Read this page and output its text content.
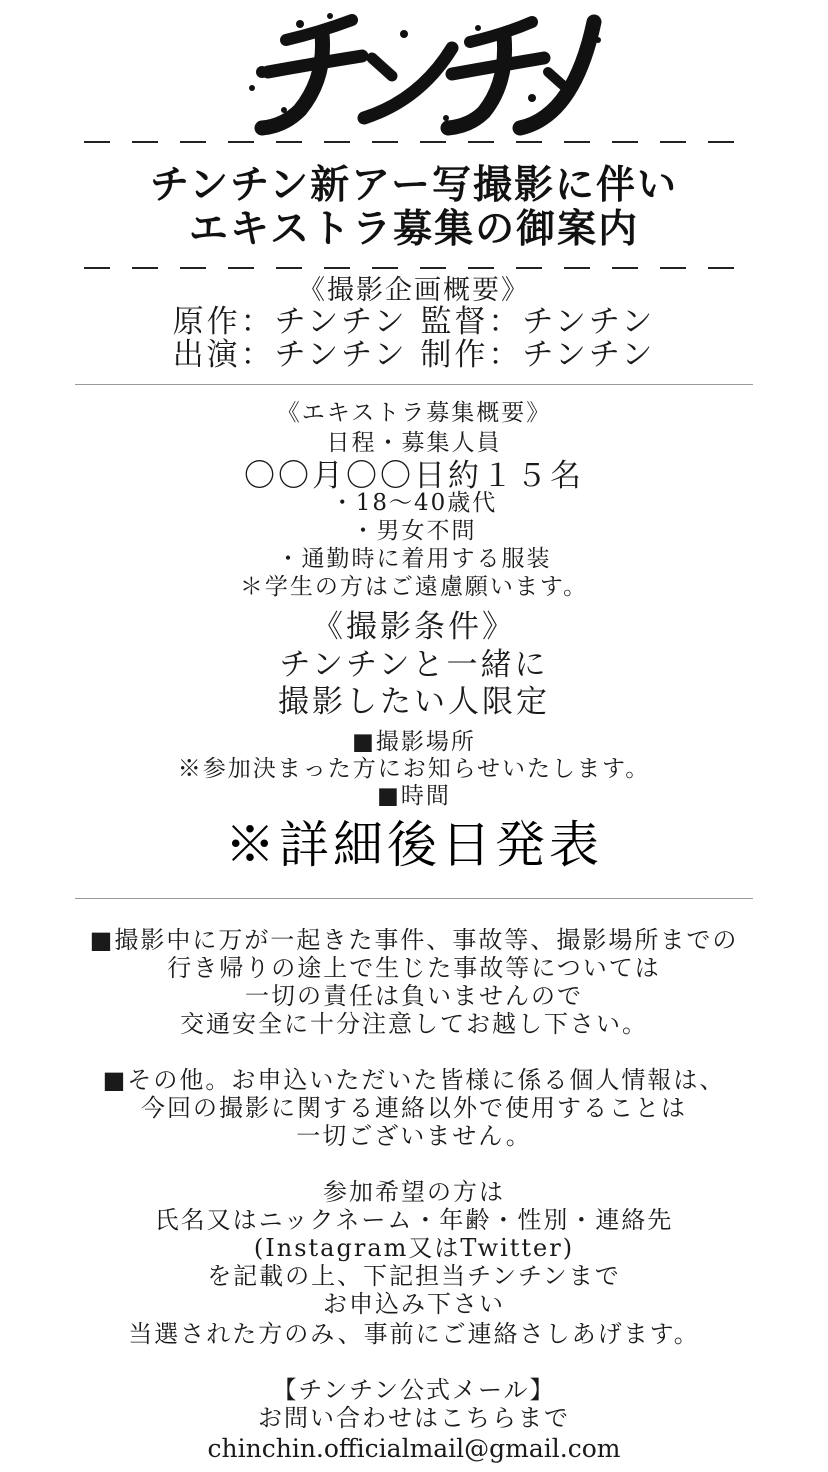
チンチン新アー写撮影に伴い
エキストラ募集の御案内
《撮影企画概要》
原作：チンチン 監督：チンチン
出演：チンチン 制作：チンチン
《エキストラ募集概要》
日程・募集人員
〇〇月〇〇日約１５名
・18〜40歳代
・男女不問
・通勤時に着用する服装
＊学生の方はご遠慮願います。
《撮影条件》
チンチンと一緒に
撮影したい人限定
■撮影場所
※参加決まった方にお知らせいたします。
■時間
※詳細後日発表
■撮影中に万が一起きた事件、事故等、撮影場所までの
行き帰りの途上で生じた事故等については
一切の責任は負いませんので
交通安全に十分注意してお越し下さい。
■その他。お申込いただいた皆様に係る個人情報は、
今回の撮影に関する連絡以外で使用することは
一切ございません。
参加希望の方は
氏名又はニックネーム・年齢・性別・連絡先
(Instagram又はTwitter)
を記載の上、下記担当チンチンまで
お申込み下さい
当選された方のみ、事前にご連絡さしあげます。
【チンチン公式メール】
お問い合わせはこちらまで
chinchin.officialmail@gmail.com
